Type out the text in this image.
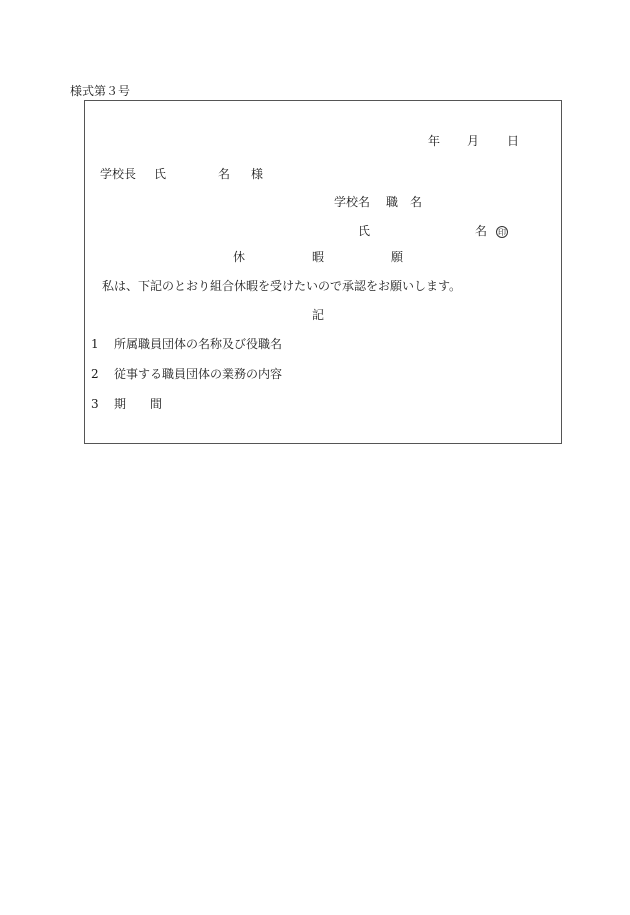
様式第３号
年 月 日
学校長 氏	名 様
学校名 職　名
氏	名 印
休	暇	願
私は、下記のとおり組合休暇を受けたいので承認をお願いします。
記
1 所属職員団体の名称及び役職名
2 従事する職員団体の業務の内容
3 期　　間
